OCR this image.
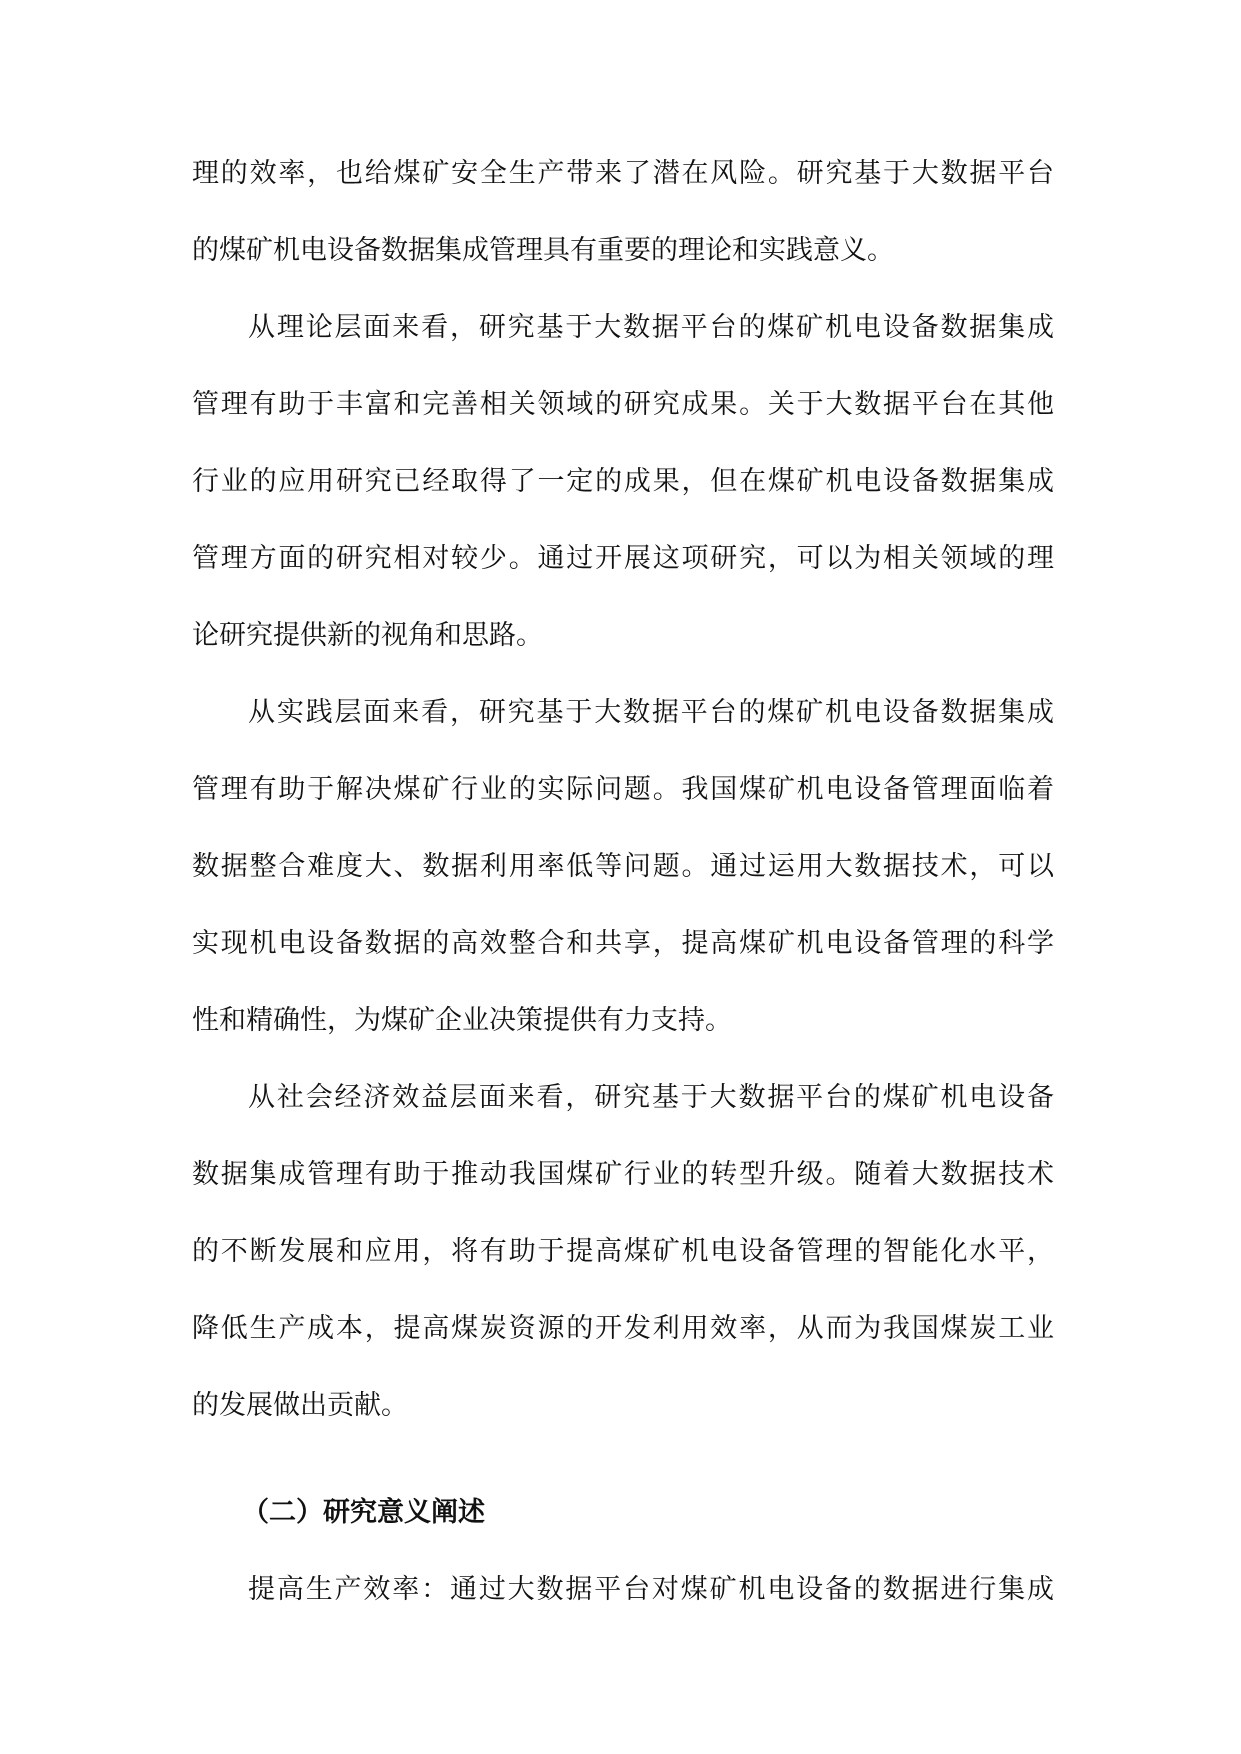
理的效率，也给煤矿安全生产带来了潜在风险。研究基于大数据平台
的煤矿机电设备数据集成管理具有重要的理论和实践意义。
从理论层面来看，研究基于大数据平台的煤矿机电设备数据集成
管理有助于丰富和完善相关领域的研究成果。关于大数据平台在其他
行业的应用研究已经取得了一定的成果，但在煤矿机电设备数据集成
管理方面的研究相对较少。通过开展这项研究，可以为相关领域的理
论研究提供新的视角和思路。
从实践层面来看，研究基于大数据平台的煤矿机电设备数据集成
管理有助于解决煤矿行业的实际问题。我国煤矿机电设备管理面临着
数据整合难度大、数据利用率低等问题。通过运用大数据技术，可以
实现机电设备数据的高效整合和共享，提高煤矿机电设备管理的科学
性和精确性，为煤矿企业决策提供有力支持。
从社会经济效益层面来看，研究基于大数据平台的煤矿机电设备
数据集成管理有助于推动我国煤矿行业的转型升级。随着大数据技术
的不断发展和应用，将有助于提高煤矿机电设备管理的智能化水平，
降低生产成本，提高煤炭资源的开发利用效率，从而为我国煤炭工业
的发展做出贡献。
（二）研究意义阐述
提高生产效率：通过大数据平台对煤矿机电设备的数据进行集成
